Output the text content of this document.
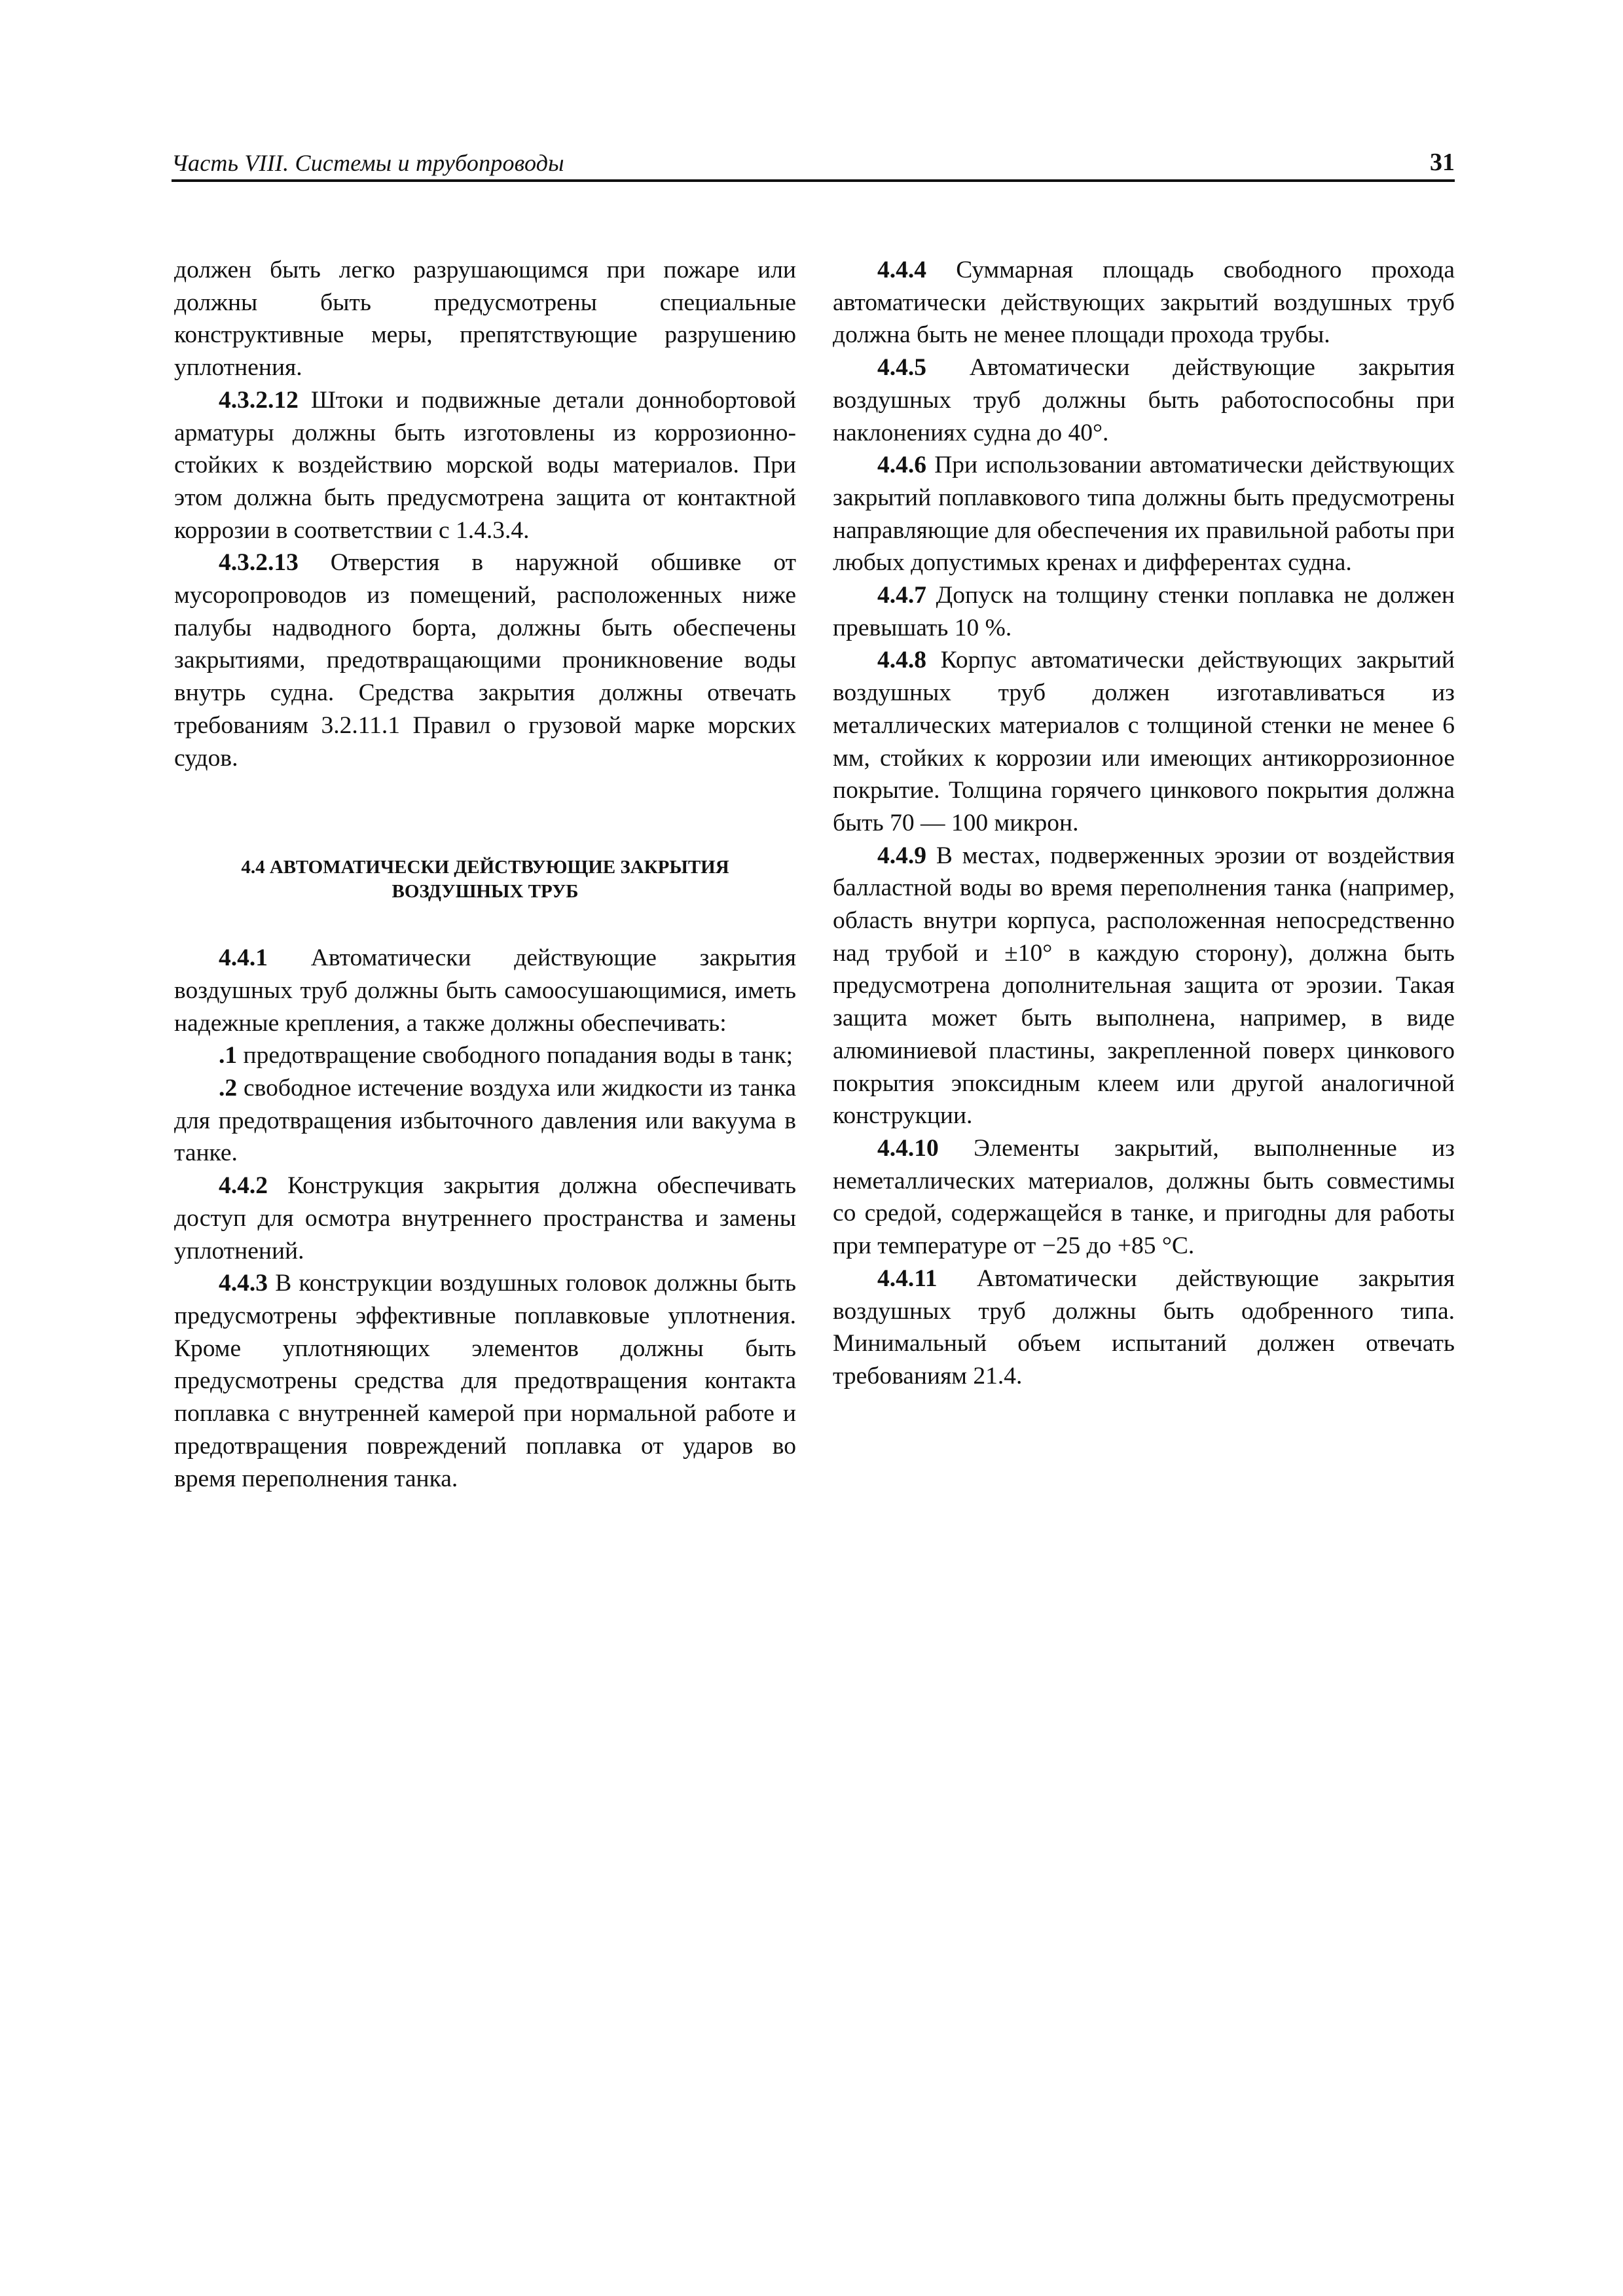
Часть VIII. Системы и трубопроводы	31

должен быть легко разрушающимся при пожаре или должны быть предусмотрены специальные конструктивные меры, препятствующие разрушению уплотнения.

4.3.2.12 Штоки и подвижные детали доннобортовой арматуры должны быть изготовлены из коррозионно-стойких к воздействию морской воды материалов. При этом должна быть предусмотрена защита от контактной коррозии в соответствии с 1.4.3.4.

4.3.2.13 Отверстия в наружной обшивке от мусоропроводов из помещений, расположенных ниже палубы надводного борта, должны быть обеспечены закрытиями, предотвращающими проникновение воды внутрь судна. Средства закрытия должны отвечать требованиям 3.2.11.1 Правил о грузовой марке морских судов.

4.4 АВТОМАТИЧЕСКИ ДЕЙСТВУЮЩИЕ ЗАКРЫТИЯ
ВОЗДУШНЫХ ТРУБ

4.4.1 Автоматически действующие закрытия воздушных труб должны быть самоосушающимися, иметь надежные крепления, а также должны обеспечивать:

.1 предотвращение свободного попадания воды в танк;

.2 свободное истечение воздуха или жидкости из танка для предотвращения избыточного давления или вакуума в танке.

4.4.2 Конструкция закрытия должна обеспечивать доступ для осмотра внутреннего пространства и замены уплотнений.

4.4.3 В конструкции воздушных головок должны быть предусмотрены эффективные поплавковые уплотнения. Кроме уплотняющих элементов должны быть предусмотрены средства для предотвращения контакта поплавка с внутренней камерой при нормальной работе и предотвращения повреждений поплавка от ударов во время переполнения танка.

4.4.4 Суммарная площадь свободного прохода автоматически действующих закрытий воздушных труб должна быть не менее площади прохода трубы.

4.4.5 Автоматически действующие закрытия воздушных труб должны быть работоспособны при наклонениях судна до 40°.

4.4.6 При использовании автоматически действующих закрытий поплавкового типа должны быть предусмотрены направляющие для обеспечения их правильной работы при любых допустимых кренах и дифферентах судна.

4.4.7 Допуск на толщину стенки поплавка не должен превышать 10 %.

4.4.8 Корпус автоматически действующих закрытий воздушных труб должен изготавливаться из металлических материалов с толщиной стенки не менее 6 мм, стойких к коррозии или имеющих антикоррозионное покрытие. Толщина горячего цинкового покрытия должна быть 70 — 100 микрон.

4.4.9 В местах, подверженных эрозии от воздействия балластной воды во время переполнения танка (например, область внутри корпуса, расположенная непосредственно над трубой и ±10° в каждую сторону), должна быть предусмотрена дополнительная защита от эрозии. Такая защита может быть выполнена, например, в виде алюминиевой пластины, закрепленной поверх цинкового покрытия эпоксидным клеем или другой аналогичной конструкции.

4.4.10 Элементы закрытий, выполненные из неметаллических материалов, должны быть совместимы со средой, содержащейся в танке, и пригодны для работы при температуре от −25 до +85 °С.

4.4.11 Автоматически действующие закрытия воздушных труб должны быть одобренного типа. Минимальный объем испытаний должен отвечать требованиям 21.4.
